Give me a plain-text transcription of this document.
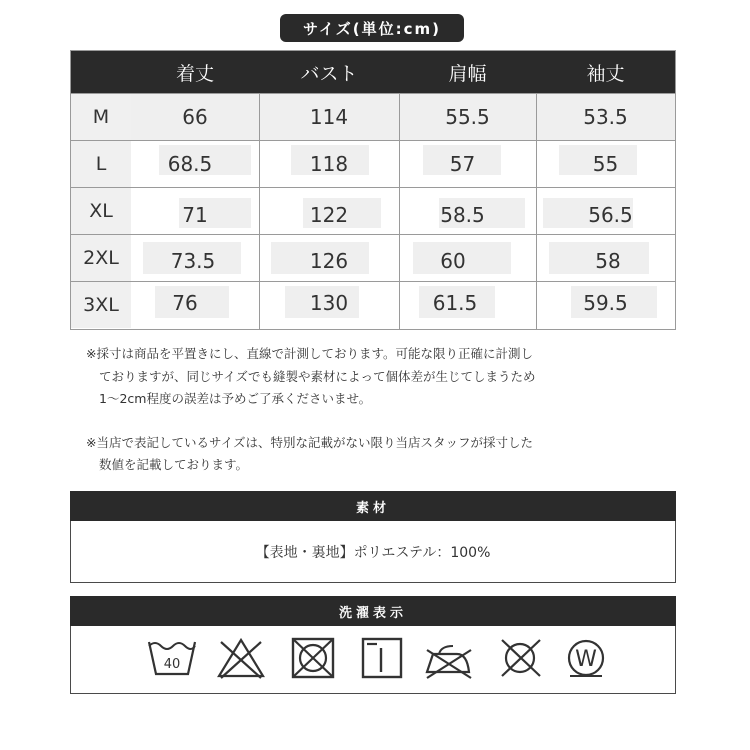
サイズ(単位:cm)
着丈	バスト	肩幅	袖丈
M	66	114	55.5	53.5
L	68.5	118	57	55
XL	71	122	58.5	56.5
2XL	73.5	126	60	58
3XL	76	130	61.5	59.5
※採寸は商品を平置きにし、直線で計測しております。可能な限り正確に計測し
ておりますが、同じサイズでも縫製や素材によって個体差が生じてしまうため
1〜2cm程度の誤差は予めご了承くださいませ。
※当店で表記しているサイズは、特別な記載がない限り当店スタッフが採寸した
数値を記載しております。
素材
【表地・裏地】ポリエステル：100%
洗濯表示
40	W
